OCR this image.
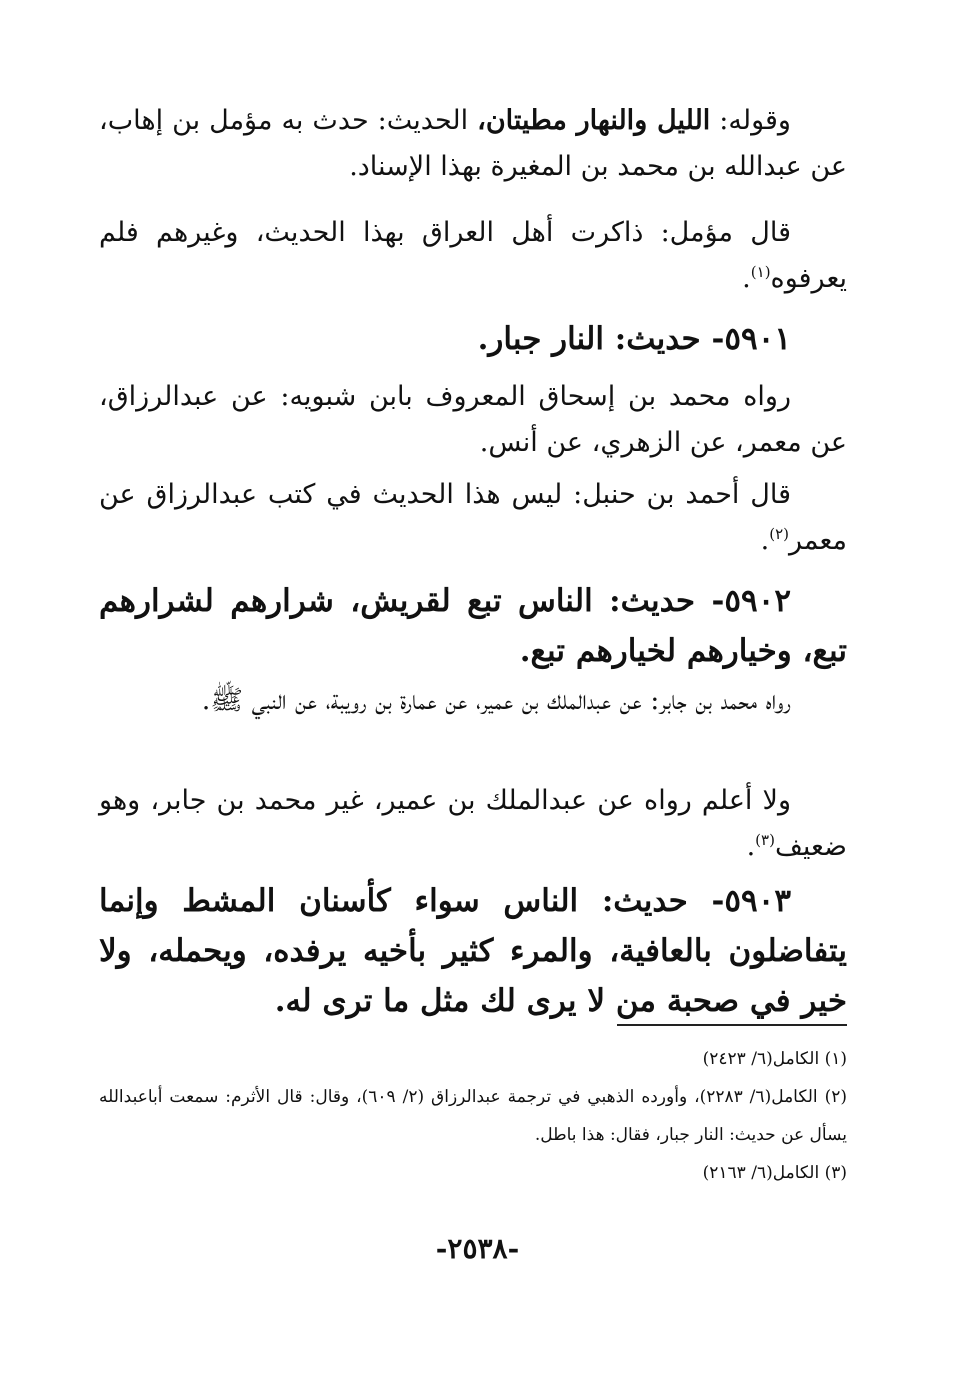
وقوله: الليل والنهار مطيتان، الحديث: حدث به مؤمل بن إهاب، عن عبدالله بن محمد بن المغيرة بهذا الإسناد.

قال مؤمل: ذاكرت أهل العراق بهذا الحديث، وغيرهم فلم يعرفوه$^{(١)}$.

٥٩٠١- حديث: النار جبار.

رواه محمد بن إسحاق المعروف بابن شبويه: عن عبدالرزاق، عن معمر، عن الزهري، عن أنس.

قال أحمد بن حنبل: ليس هذا الحديث في كتب عبدالرزاق عن معمر$^{(٢)}$.

٥٩٠٢- حديث: الناس تبع لقريش، شرارهم لشرارهم تبع، وخيارهم لخيارهم تبع.

رواه محمد بن جابر: عن عبدالملك بن عمير، عن عمارة بن رويبة، عن النبي ﷺ.

ولا أعلم رواه عن عبدالملك بن عمير، غير محمد بن جابر، وهو ضعيف$^{(٣)}$.

٥٩٠٣- حديث: الناس سواء كأسنان المشط وإنما يتفاضلون بالعافية، والمرء كثير بأخيه يرفده، ويحمله، ولا خير في صحبة من لا يرى لك مثل ما ترى له.

(١) الكامل(٦/ ٢٤٢٣)

(٢) الكامل(٦/ ٢٢٨٣)، وأورده الذهبي في ترجمة عبدالرزاق (٢/ ٦٠٩)، وقال: قال الأثرم: سمعت أباعبدالله يسأل عن حديث: النار جبار، فقال: هذا باطل.

(٣) الكامل(٦/ ٢١٦٣)

-٢٥٣٨-
